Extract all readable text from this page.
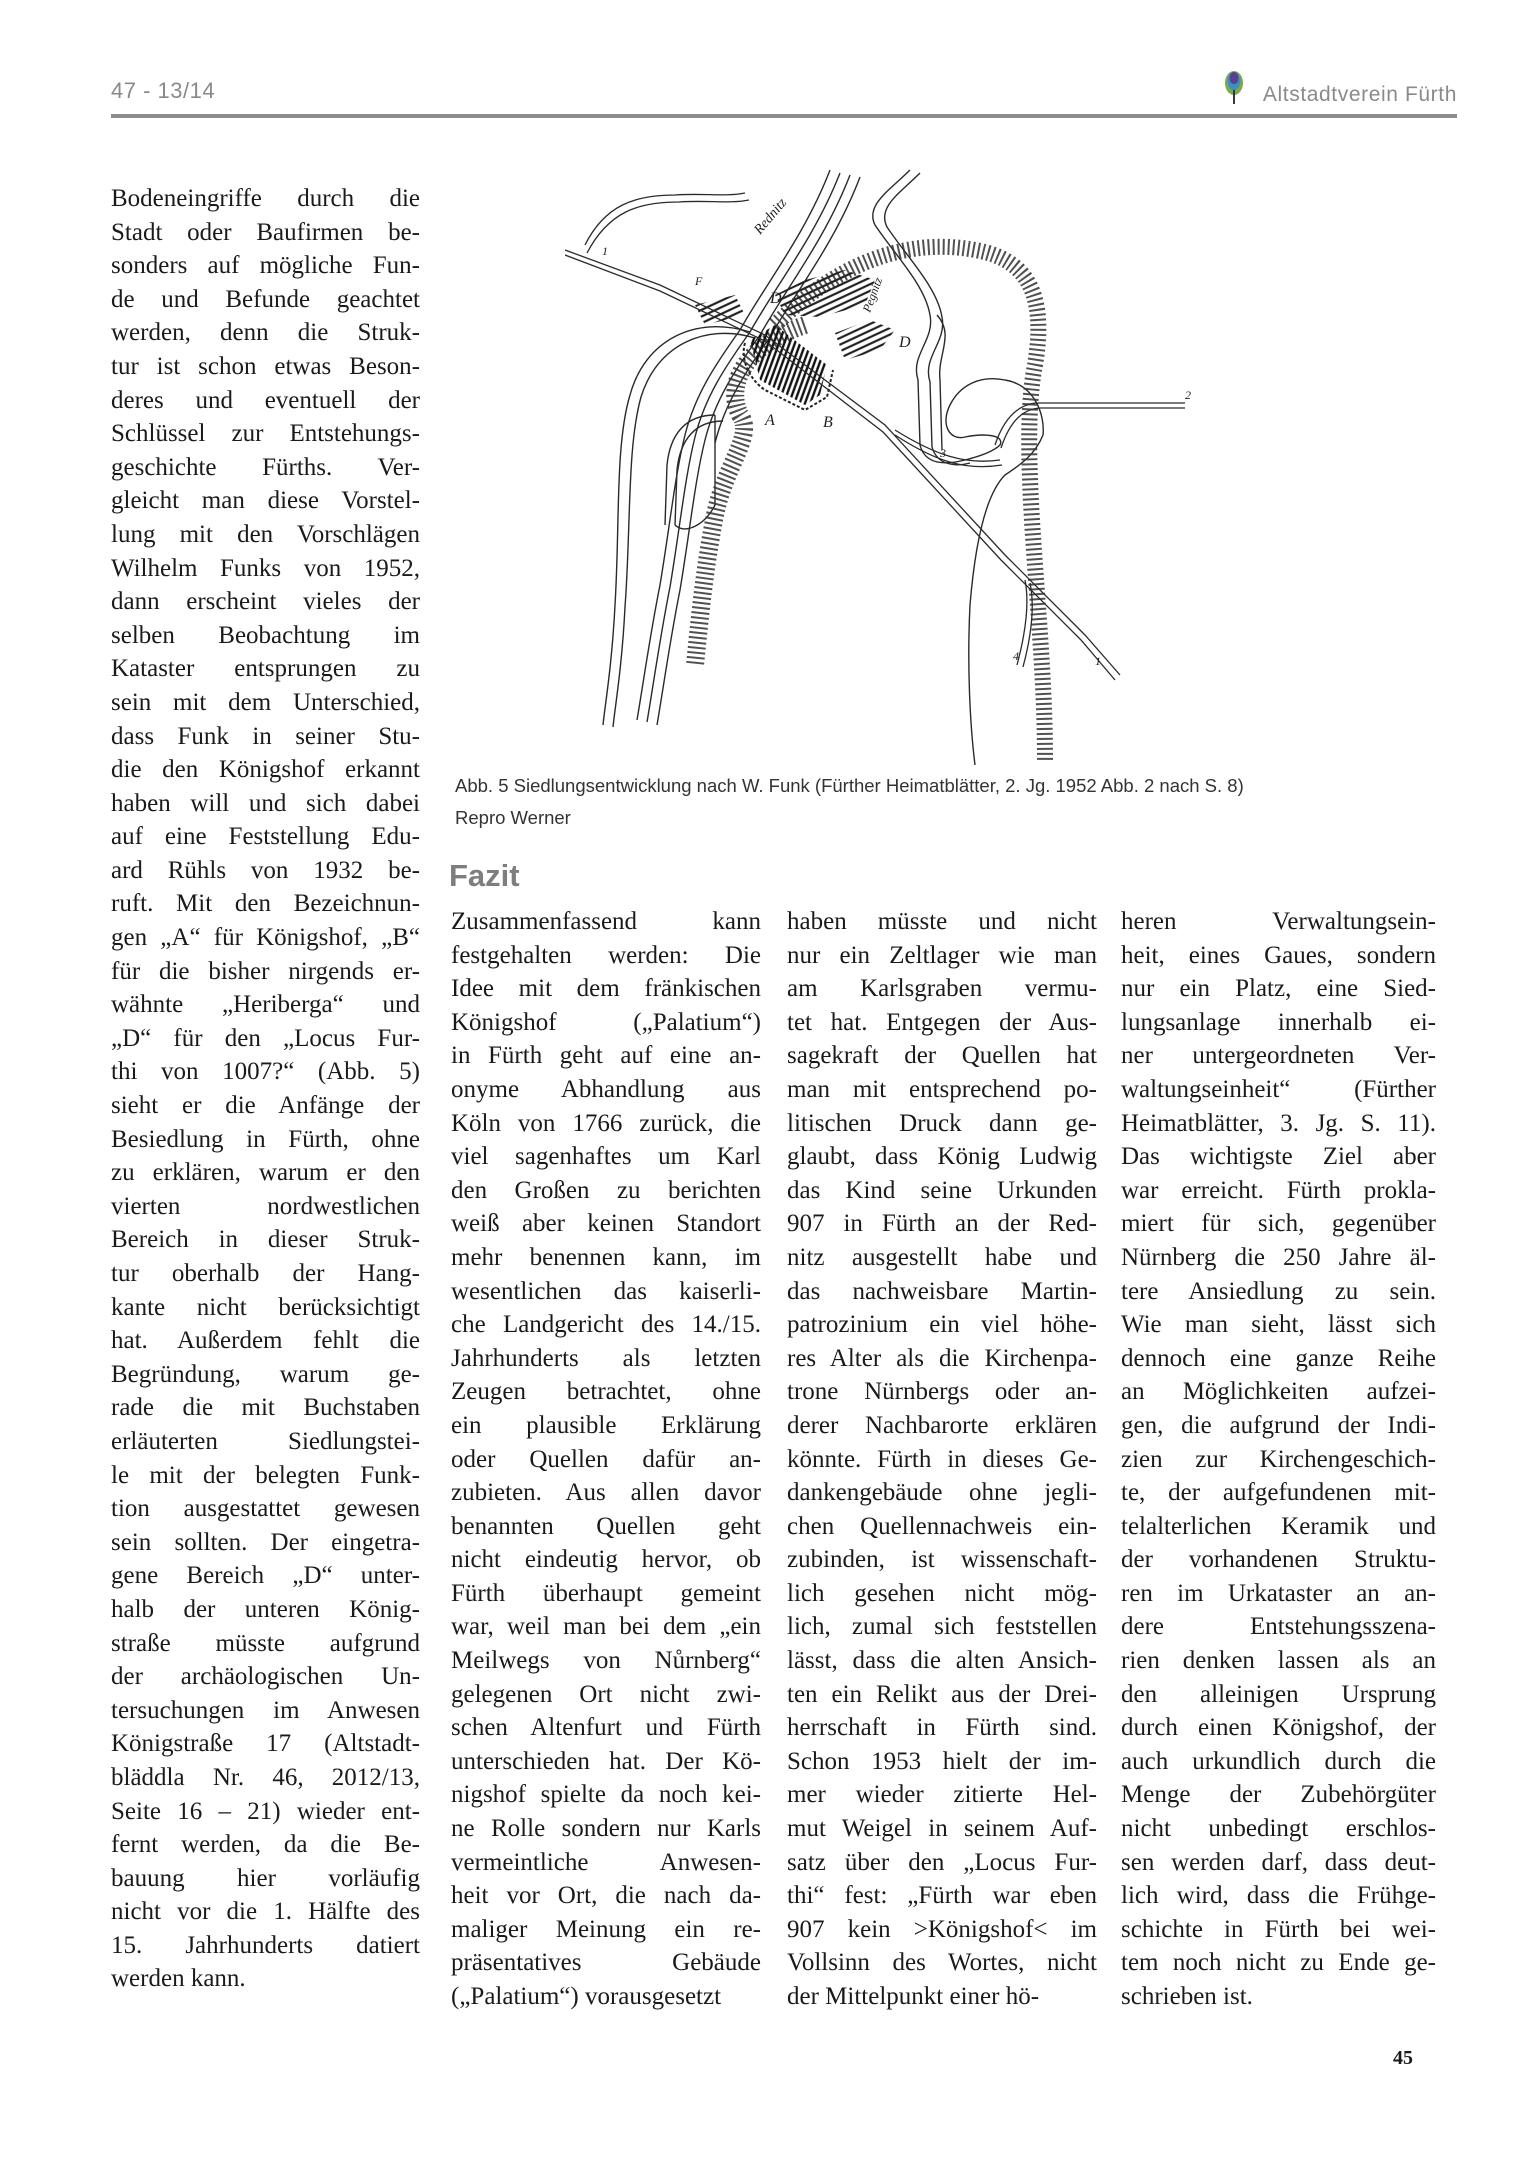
47 - 13/14	Altstadtverein Fürth
Bodeneingriffe durch die
Stadt oder Baufirmen be-
sonders auf mögliche Fun-
de und Befunde geachtet
werden, denn die Struk-
tur ist schon etwas Beson-
deres und eventuell der
Schlüssel zur Entstehungs-
geschichte Fürths. Ver-
gleicht man diese Vorstel-
lung mit den Vorschlägen
Wilhelm Funks von 1952,
dann erscheint vieles der
selben Beobachtung im
Kataster entsprungen zu
sein mit dem Unterschied,
dass Funk in seiner Stu-
die den Königshof erkannt
haben will und sich dabei
auf eine Feststellung Edu-
ard Rühls von 1932 be-
ruft. Mit den Bezeichnun-
gen „A“ für Königshof, „B“
für die bisher nirgends er-
wähnte „Heriberga“ und
„D“ für den „Locus Fur-
thi von 1007?“ (Abb. 5)
sieht er die Anfänge der
Besiedlung in Fürth, ohne
zu erklären, warum er den
vierten nordwestlichen
Bereich in dieser Struk-
tur oberhalb der Hang-
kante nicht berücksichtigt
hat. Außerdem fehlt die
Begründung, warum ge-
rade die mit Buchstaben
erläuterten Siedlungstei-
le mit der belegten Funk-
tion ausgestattet gewesen
sein sollten. Der eingetra-
gene Bereich „D“ unter-
halb der unteren König-
straße müsste aufgrund
der archäologischen Un-
tersuchungen im Anwesen
Königstraße 17 (Altstadt-
bläddla Nr. 46, 2012/13,
Seite 16 – 21) wieder ent-
fernt werden, da die Be-
bauung hier vorläufig
nicht vor die 1. Hälfte des
15. Jahrhunderts datiert
werden kann.
Rednitz
Pegnitz
D
D
A	B
1
1
2
3
4
F
Abb. 5 Siedlungsentwicklung nach W. Funk (Fürther Heimatblätter, 2. Jg. 1952 Abb. 2 nach S. 8)
Repro Werner
Fazit
Zusammenfassend kann
festgehalten werden: Die
Idee mit dem fränkischen
Königshof („Palatium“)
in Fürth geht auf eine an-
onyme Abhandlung aus
Köln von 1766 zurück, die
viel sagenhaftes um Karl
den Großen zu berichten
weiß aber keinen Standort
mehr benennen kann, im
wesentlichen das kaiserli-
che Landgericht des 14./15.
Jahrhunderts als letzten
Zeugen betrachtet, ohne
ein plausible Erklärung
oder Quellen dafür an-
zubieten. Aus allen davor
benannten Quellen geht
nicht eindeutig hervor, ob
Fürth überhaupt gemeint
war, weil man bei dem „ein
Meilwegs von Nůrnberg“
gelegenen Ort nicht zwi-
schen Altenfurt und Fürth
unterschieden hat. Der Kö-
nigshof spielte da noch kei-
ne Rolle sondern nur Karls
vermeintliche Anwesen-
heit vor Ort, die nach da-
maliger Meinung ein re-
präsentatives Gebäude
(„Palatium“) vorausgesetzt
haben müsste und nicht
nur ein Zeltlager wie man
am Karlsgraben vermu-
tet hat. Entgegen der Aus-
sagekraft der Quellen hat
man mit entsprechend po-
litischen Druck dann ge-
glaubt, dass König Ludwig
das Kind seine Urkunden
907 in Fürth an der Red-
nitz ausgestellt habe und
das nachweisbare Martin-
patrozinium ein viel höhe-
res Alter als die Kirchenpa-
trone Nürnbergs oder an-
derer Nachbarorte erklären
könnte. Fürth in dieses Ge-
dankengebäude ohne jegli-
chen Quellennachweis ein-
zubinden, ist wissenschaft-
lich gesehen nicht mög-
lich, zumal sich feststellen
lässt, dass die alten Ansich-
ten ein Relikt aus der Drei-
herrschaft in Fürth sind.
Schon 1953 hielt der im-
mer wieder zitierte Hel-
mut Weigel in seinem Auf-
satz über den „Locus Fur-
thi“ fest: „Fürth war eben
907 kein >Königshof< im
Vollsinn des Wortes, nicht
der Mittelpunkt einer hö-
heren Verwaltungsein-
heit, eines Gaues, sondern
nur ein Platz, eine Sied-
lungsanlage innerhalb ei-
ner untergeordneten Ver-
waltungseinheit“ (Fürther
Heimatblätter, 3. Jg. S. 11).
Das wichtigste Ziel aber
war erreicht. Fürth prokla-
miert für sich, gegenüber
Nürnberg die 250 Jahre äl-
tere Ansiedlung zu sein.
Wie man sieht, lässt sich
dennoch eine ganze Reihe
an Möglichkeiten aufzei-
gen, die aufgrund der Indi-
zien zur Kirchengeschich-
te, der aufgefundenen mit-
telalterlichen Keramik und
der vorhandenen Struktu-
ren im Urkataster an an-
dere Entstehungsszena-
rien denken lassen als an
den alleinigen Ursprung
durch einen Königshof, der
auch urkundlich durch die
Menge der Zubehörgüter
nicht unbedingt erschlos-
sen werden darf, dass deut-
lich wird, dass die Frühge-
schichte in Fürth bei wei-
tem noch nicht zu Ende ge-
schrieben ist.
45
